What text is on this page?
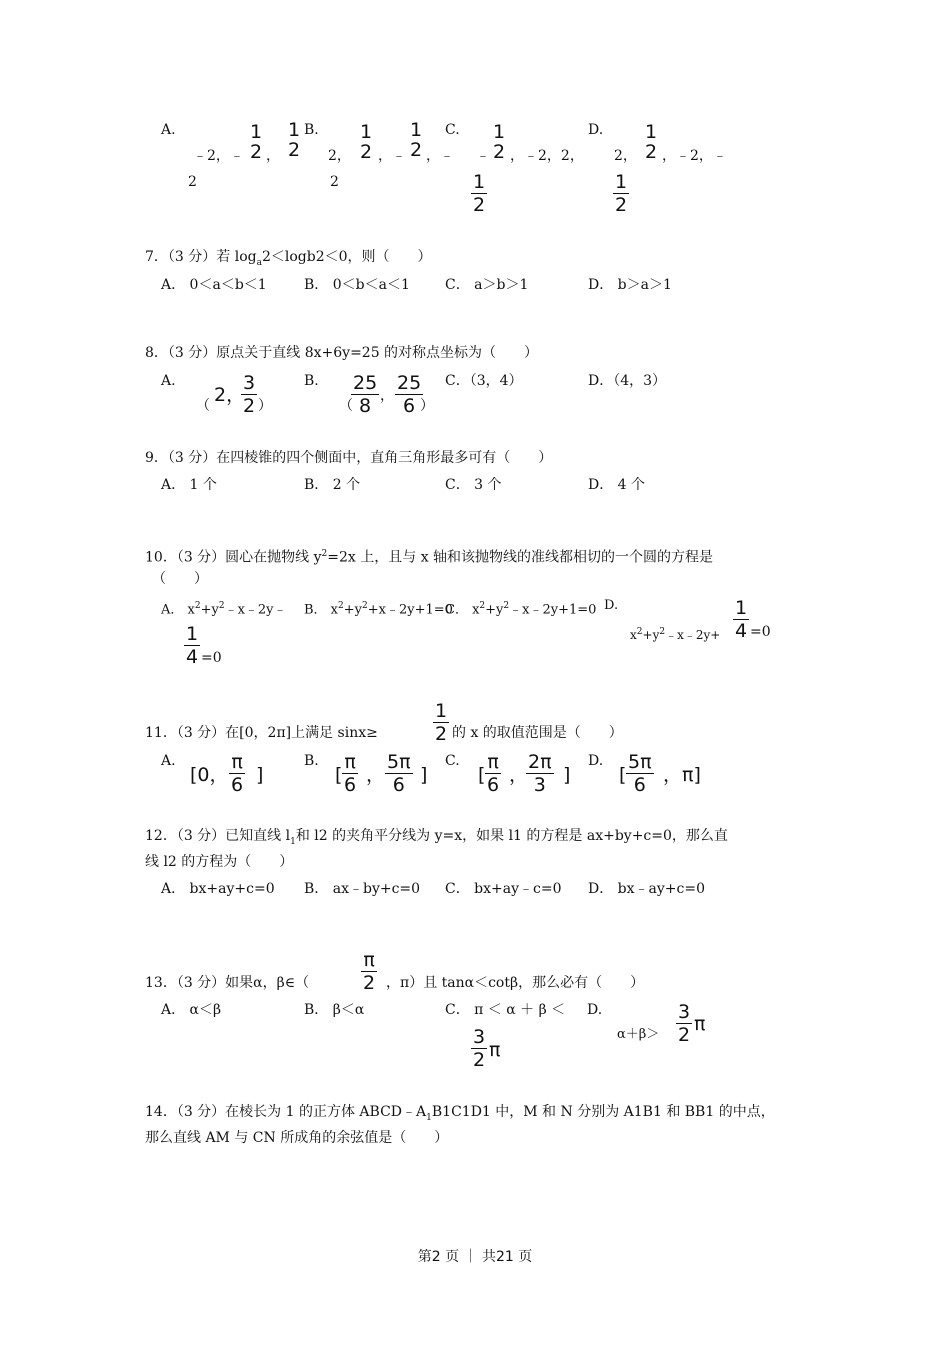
A.
﹣2，﹣
1
2 ，
1
2
2
B.
2，
1
2 ，﹣
1
2 ，﹣
2
C.
﹣
1
2 ，﹣2，2，
1
2
D.
2，
1
2 ，﹣2，﹣
1
2
7．（3 分）若 $\log_a2<\log b2<0$，则（　　）
A． 0＜a＜b＜1	B． 0＜b＜a＜1	C． a＞b＞1	D． b＞a＞1
8．（3 分）原点关于直线 8x+6y=25 的对称点坐标为（　　）
A.
（ 2，
3
2 ）
B.
（
25
8 ，
25
6 ）
C．（3，4）	D．（4，3）
9．（3 分）在四棱锥的四个侧面中，直角三角形最多可有（　　）
A． 1 个	B． 2 个	C． 3 个	D． 4 个
10．（3 分）圆心在抛物线 $y^2=2x$ 上，且与 x 轴和该抛物线的准线都相切的一个圆的方程是
（　　）
A． $x^2+y^2﹣x﹣2y﹣$ B． $x^2+y^2+x﹣2y+1=0$
C． $x^2+y^2﹣x﹣2y+1=0$ D.
$x^2+y^2﹣x﹣2y+$
1
4 =0
1
4 =0
11．（3 分）在[0，2π]上满足 sinx≥
1
2 的 x 的取值范围是（　　）
A.
[0，
π
6 ]
B.
[
π
6 ，
5π
6 ]
C.
[
π
6 ，
2π
3 ]
D.
[
5π
6 ，π]
12．（3 分）已知直线 $l_1$和 l2 的夹角平分线为 y=x，如果 l1 的方程是 ax+by+c=0，那么直
线 l2 的方程为（　　）
A． bx+ay+c=0 B． ax﹣by+c=0 C． bx+ay﹣c=0 D． bx﹣ay+c=0
13．（3 分）如果α，β∈（
π
2 ，π）且 tanα＜cotβ，那么必有（　　）
A． α＜β	B． β＜α	C． π ＜ α ＋ β ＜ D.
3
2 π
α＋β＞
3
2 π
14．（3 分）在棱长为 1 的正方体 $ABCD﹣A_1B1C1D1$ 中，M 和 N 分别为 A1B1 和 BB1 的中点，
那么直线 AM 与 CN 所成角的余弦值是（　　）
第2 页 ｜ 共21 页
